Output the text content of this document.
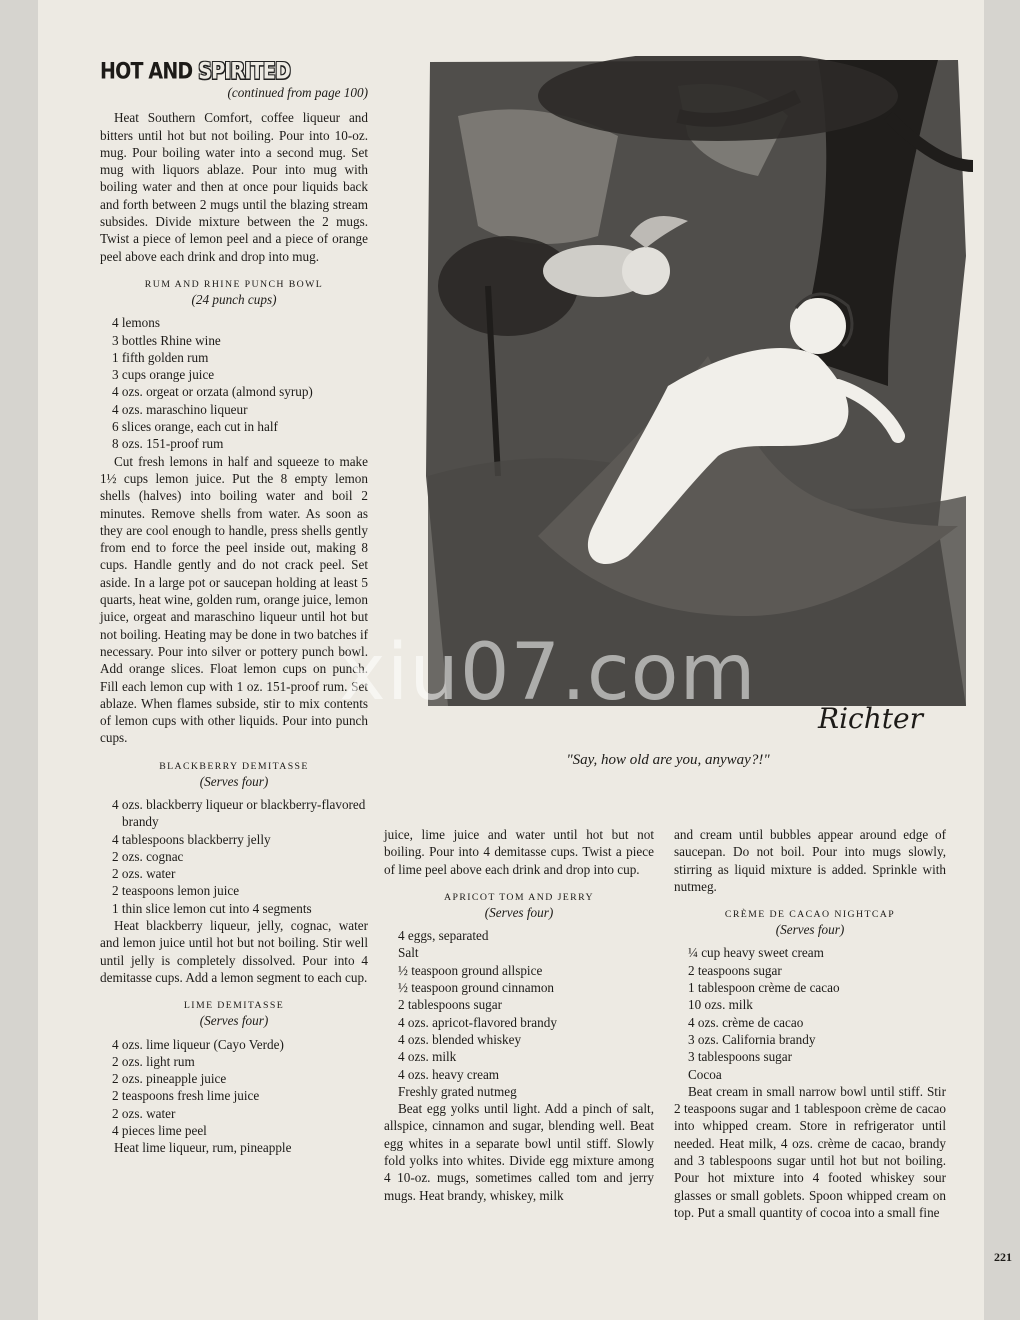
HOT AND SPIRITED
(continued from page 100)

Heat Southern Comfort, coffee liqueur and bitters until hot but not boiling. Pour into 10-oz. mug. Pour boiling water into a second mug. Set mug with liquors ablaze. Pour into mug with boiling water and then at once pour liquids back and forth between 2 mugs until the blazing stream subsides. Divide mixture between the 2 mugs. Twist a piece of lemon peel and a piece of orange peel above each drink and drop into mug.

RUM AND RHINE PUNCH BOWL
(24 punch cups)
4 lemons
3 bottles Rhine wine
1 fifth golden rum
3 cups orange juice
4 ozs. orgeat or orzata (almond syrup)
4 ozs. maraschino liqueur
6 slices orange, each cut in half
8 ozs. 151-proof rum

Cut fresh lemons in half and squeeze to make 1½ cups lemon juice. Put the 8 empty lemon shells (halves) into boiling water and boil 2 minutes. Remove shells from water. As soon as they are cool enough to handle, press shells gently from end to force the peel inside out, making 8 cups. Handle gently and do not crack peel. Set aside. In a large pot or saucepan holding at least 5 quarts, heat wine, golden rum, orange juice, lemon juice, orgeat and maraschino liqueur until hot but not boiling. Heating may be done in two batches if necessary. Pour into silver or pottery punch bowl. Add orange slices. Float lemon cups on punch. Fill each lemon cup with 1 oz. 151-proof rum. Set ablaze. When flames subside, stir to mix contents of lemon cups with other liquids. Pour into punch cups.

BLACKBERRY DEMITASSE
(Serves four)
4 ozs. blackberry liqueur or blackberry-flavored brandy
4 tablespoons blackberry jelly
2 ozs. cognac
2 ozs. water
2 teaspoons lemon juice
1 thin slice lemon cut into 4 segments

Heat blackberry liqueur, jelly, cognac, water and lemon juice until hot but not boiling. Stir well until jelly is completely dissolved. Pour into 4 demitasse cups. Add a lemon segment to each cup.

LIME DEMITASSE
(Serves four)
4 ozs. lime liqueur (Cayo Verde)
2 ozs. light rum
2 ozs. pineapple juice
2 teaspoons fresh lime juice
2 ozs. water
4 pieces lime peel

Heat lime liqueur, rum, pineapple

Richter
"Say, how old are you, anyway?!"

juice, lime juice and water until hot but not boiling. Pour into 4 demitasse cups. Twist a piece of lime peel above each drink and drop into cup.

APRICOT TOM AND JERRY
(Serves four)
4 eggs, separated
Salt
½ teaspoon ground allspice
½ teaspoon ground cinnamon
2 tablespoons sugar
4 ozs. apricot-flavored brandy
4 ozs. blended whiskey
4 ozs. milk
4 ozs. heavy cream
Freshly grated nutmeg

Beat egg yolks until light. Add a pinch of salt, allspice, cinnamon and sugar, blending well. Beat egg whites in a separate bowl until stiff. Slowly fold yolks into whites. Divide egg mixture among 4 10-oz. mugs, sometimes called tom and jerry mugs. Heat brandy, whiskey, milk

and cream until bubbles appear around edge of saucepan. Do not boil. Pour into mugs slowly, stirring as liquid mixture is added. Sprinkle with nutmeg.

CRÈME DE CACAO NIGHTCAP
(Serves four)
¼ cup heavy sweet cream
2 teaspoons sugar
1 tablespoon crème de cacao
10 ozs. milk
4 ozs. crème de cacao
3 ozs. California brandy
3 tablespoons sugar
Cocoa

Beat cream in small narrow bowl until stiff. Stir 2 teaspoons sugar and 1 tablespoon crème de cacao into whipped cream. Store in refrigerator until needed. Heat milk, 4 ozs. crème de cacao, brandy and 3 tablespoons sugar until hot but not boiling. Pour hot mixture into 4 footed whiskey sour glasses or small goblets. Spoon whipped cream on top. Put a small quantity of cocoa into a small fine

xiu07.com
221
